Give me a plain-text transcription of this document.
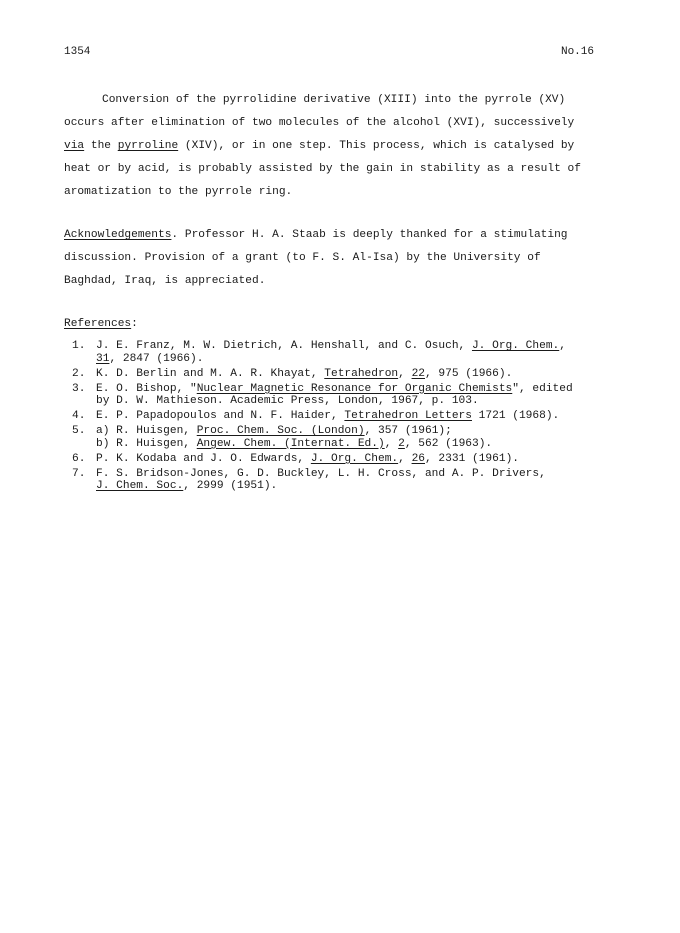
1354	No.16
Conversion of the pyrrolidine derivative (XIII) into the pyrrole (XV)
occurs after elimination of two molecules of the alcohol (XVI), successively
via the pyrroline (XIV), or in one step. This process, which is catalysed by
heat or by acid, is probably assisted by the gain in stability as a result of
aromatization to the pyrrole ring.
Acknowledgements. Professor H. A. Staab is deeply thanked for a stimulating
discussion. Provision of a grant (to F. S. Al-Isa) by the University of
Baghdad, Iraq, is appreciated.
References:
1. J. E. Franz, M. W. Dietrich, A. Henshall, and C. Osuch, J. Org. Chem.,
31, 2847 (1966).
2. K. D. Berlin and M. A. R. Khayat, Tetrahedron, 22, 975 (1966).
3. E. O. Bishop, "Nuclear Magnetic Resonance for Organic Chemists", edited
by D. W. Mathieson. Academic Press, London, 1967, p. 103.
4. E. P. Papadopoulos and N. F. Haider, Tetrahedron Letters 1721 (1968).
5. a) R. Huisgen, Proc. Chem. Soc. (London), 357 (1961);
b) R. Huisgen, Angew. Chem. (Internat. Ed.), 2, 562 (1963).
6. P. K. Kodaba and J. O. Edwards, J. Org. Chem., 26, 2331 (1961).
7. F. S. Bridson-Jones, G. D. Buckley, L. H. Cross, and A. P. Drivers,
J. Chem. Soc., 2999 (1951).
